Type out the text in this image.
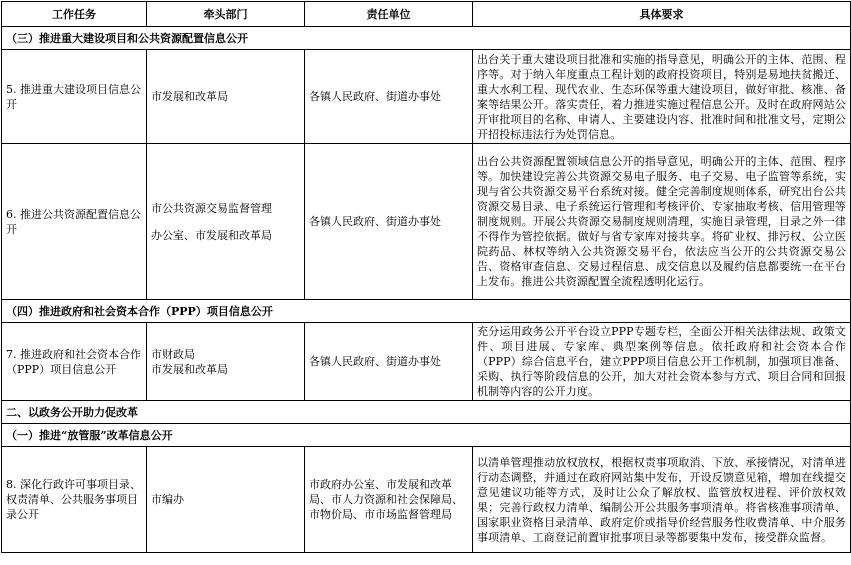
工作任务	牵头部门	责任单位	具体要求
（三）推进重大建设项目和公共资源配置信息公开			
5. 推进重大建设项目信息公开	市发展和改革局	各镇人民政府、街道办事处	出台关于重大建设项目批准和实施的指导意见，明确公开的主体、范围、程序等。对于纳入年度重点工程计划的政府投资项目，特别是易地扶贫搬迁、重大水利工程、现代农业、生态环保等重大建设项目，做好审批、核准、备案等结果公开。落实责任，着力推进实施过程信息公开。及时在政府网站公开审批项目的名称、申请人、主要建设内容、批准时间和批准文号，定期公开招投标违法行为处罚信息。
6. 推进公共资源配置信息公开	市公共资源交易监督管理
办公室、市发展和改革局	各镇人民政府、街道办事处	出台公共资源配置领域信息公开的指导意见，明确公开的主体、范围、程序等。加快建设完善公共资源交易电子服务、电子交易、电子监管等系统，实现与省公共资源交易平台系统对接。健全完善制度规则体系，研究出台公共资源交易目录、电子系统运行管理和考核评价、专家抽取考核、信用管理等制度规则。开展公共资源交易制度规则清理，实施目录管理，目录之外一律不得作为管控依据。做好与省专家库对接共享。将矿业权、排污权、公立医院药品、林权等纳入公共资源交易平台，依法应当公开的公共资源交易公告、资格审查信息、交易过程信息、成交信息以及履约信息都要统一在平台上发布。推进公共资源配置全流程透明化运行。
（四）推进政府和社会资本合作（PPP）项目信息公开			
7. 推进政府和社会资本合作（PPP）项目信息公开	市财政局
市发展和改革局	各镇人民政府、街道办事处	充分运用政务公开平台设立PPP专题专栏，全面公开相关法律法规、政策文件、项目进展、专家库、典型案例等信息。依托政府和社会资本合作（PPP）综合信息平台，建立PPP项目信息公开工作机制，加强项目准备、采购、执行等阶段信息的公开，加大对社会资本参与方式、项目合同和回报机制等内容的公开力度。
二、以政务公开助力促改革			
（一）推进“放管服”改革信息公开			
8. 深化行政许可事项目录、权责清单、公共服务事项目录公开	市编办	市政府办公室、市发展和改革局、市人力资源和社会保障局、市物价局、市市场监督管理局	以清单管理推动放权放权，根据权责事项取消、下放、承接情况，对清单进行动态调整，并通过在政府网站集中发布，开设反馈意见箱，增加在线提交意见建议功能等方式，及时让公众了解放权、监管放权进程、评价放权效果；完善行政权力清单、编制公开公共服务事项清单。将省核准事项清单、国家职业资格目录清单、政府定价或指导价经营服务性收费清单、中介服务事项清单、工商登记前置审批事项目录等都要集中发布，接受群众监督。
